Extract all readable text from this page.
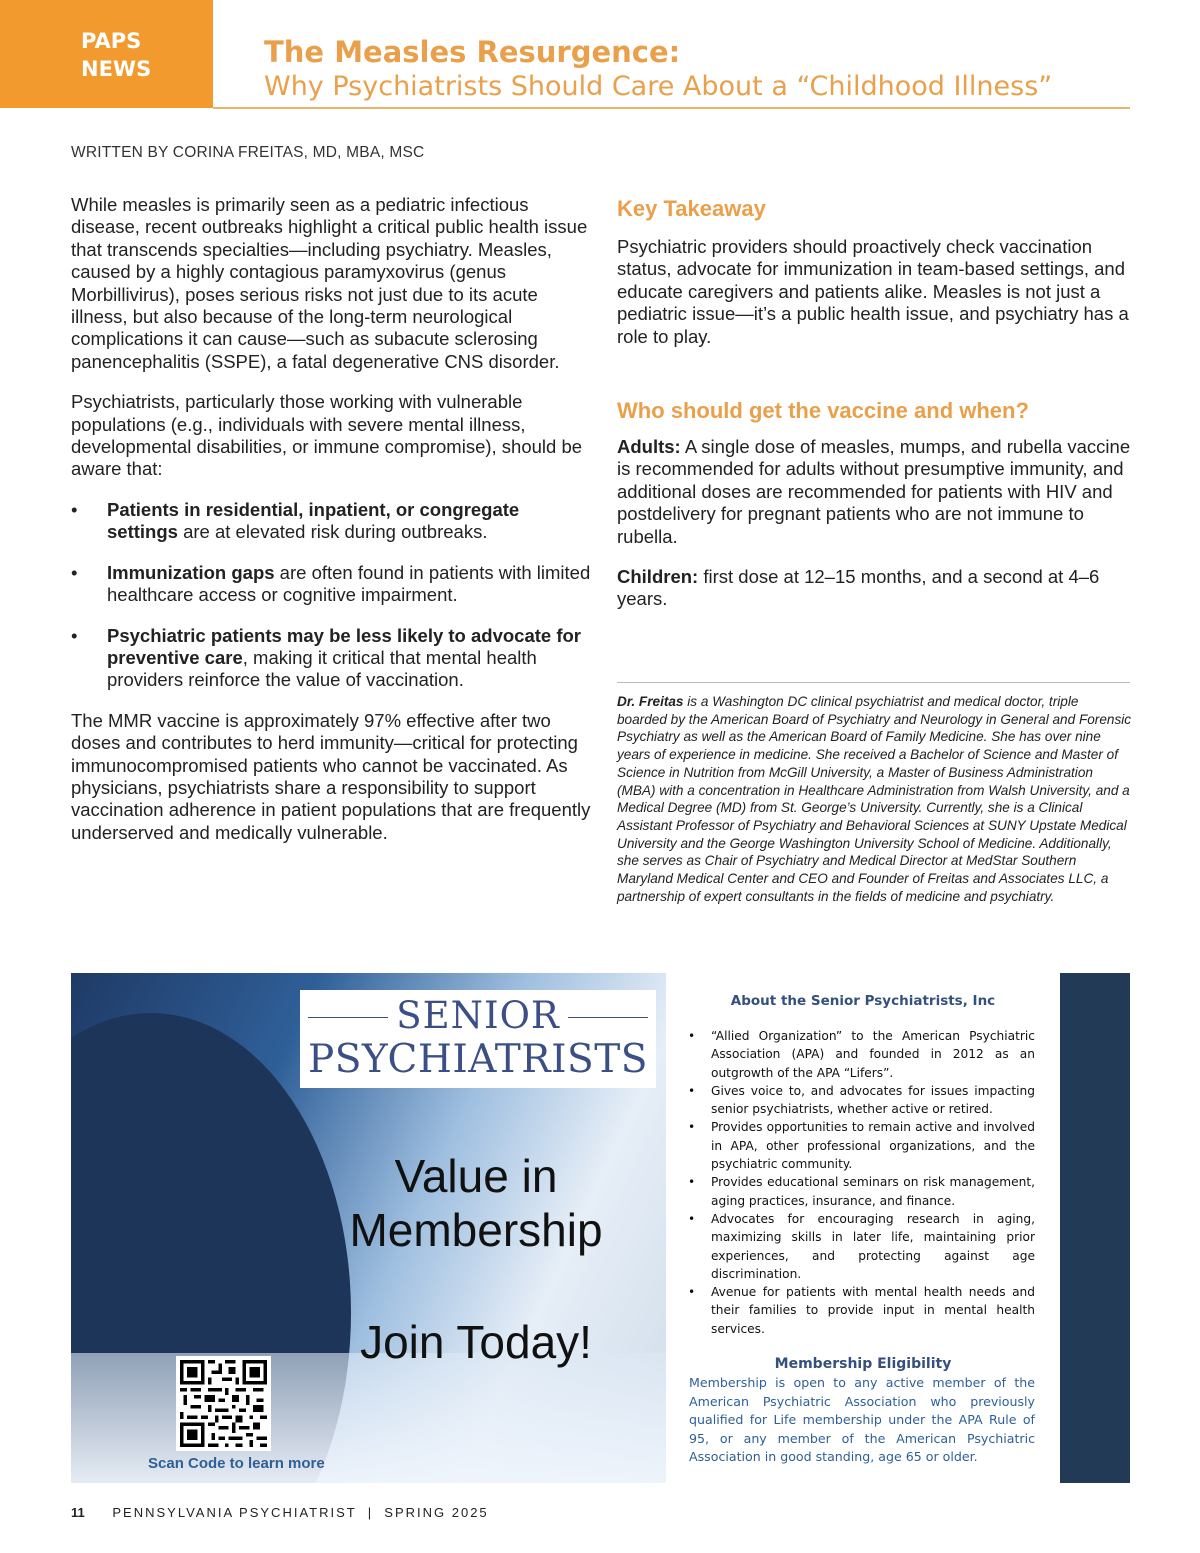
PAPS
NEWS	The Measles Resurgence:
Why Psychiatrists Should Care About a “Childhood Illness”
WRITTEN BY CORINA FREITAS, MD, MBA, MSC

While measles is primarily seen as a pediatric infectious disease, recent outbreaks highlight a critical public health issue that transcends specialties—including psychiatry. Measles, caused by a highly contagious paramyxovirus (genus Morbillivirus), poses serious risks not just due to its acute illness, but also because of the long-term neurological complications it can cause—such as subacute sclerosing panencephalitis (SSPE), a fatal degenerative CNS disorder.

Psychiatrists, particularly those working with vulnerable populations (e.g., individuals with severe mental illness, developmental disabilities, or immune compromise), should be aware that:

• Patients in residential, inpatient, or congregate settings are at elevated risk during outbreaks.
• Immunization gaps are often found in patients with limited healthcare access or cognitive impairment.
• Psychiatric patients may be less likely to advocate for preventive care, making it critical that mental health providers reinforce the value of vaccination.

The MMR vaccine is approximately 97% effective after two doses and contributes to herd immunity—critical for protecting immunocompromised patients who cannot be vaccinated. As physicians, psychiatrists share a responsibility to support vaccination adherence in patient populations that are frequently underserved and medically vulnerable.

Key Takeaway

Psychiatric providers should proactively check vaccination status, advocate for immunization in team-based settings, and educate caregivers and patients alike. Measles is not just a pediatric issue—it’s a public health issue, and psychiatry has a role to play.

Who should get the vaccine and when?

Adults: A single dose of measles, mumps, and rubella vaccine is recommended for adults without presumptive immunity, and additional doses are recommended for patients with HIV and postdelivery for pregnant patients who are not immune to rubella.

Children: first dose at 12–15 months, and a second at 4–6 years.

Dr. Freitas is a Washington DC clinical psychiatrist and medical doctor, triple boarded by the American Board of Psychiatry and Neurology in General and Forensic Psychiatry as well as the American Board of Family Medicine. She has over nine years of experience in medicine. She received a Bachelor of Science and Master of Science in Nutrition from McGill University, a Master of Business Administration (MBA) with a concentration in Healthcare Administration from Walsh University, and a Medical Degree (MD) from St. George’s University. Currently, she is a Clinical Assistant Professor of Psychiatry and Behavioral Sciences at SUNY Upstate Medical University and the George Washington University School of Medicine. Additionally, she serves as Chair of Psychiatry and Medical Director at MedStar Southern Maryland Medical Center and CEO and Founder of Freitas and Associates LLC, a partnership of expert consultants in the fields of medicine and psychiatry.
SENIOR
PSYCHIATRISTS
Value in
Membership
Join Today!
Scan Code to learn more
About the Senior Psychiatrists, Inc
• “Allied Organization” to the American Psychiatric Association (APA) and founded in 2012 as an outgrowth of the APA “Lifers”.
• Gives voice to, and advocates for issues impacting senior psychiatrists, whether active or retired.
• Provides opportunities to remain active and involved in APA, other professional organizations, and the psychiatric community.
• Provides educational seminars on risk management, aging practices, insurance, and finance.
• Advocates for encouraging research in aging, maximizing skills in later life, maintaining prior experiences, and protecting against age discrimination.
• Avenue for patients with mental health needs and their families to provide input in mental health services.
Membership Eligibility

Membership is open to any active member of the American Psychiatric Association who previously qualified for Life membership under the APA Rule of 95, or any member of the American Psychiatric Association in good standing, age 65 or older.

11 PENNSYLVANIA PSYCHIATRIST  |  SPRING 2025
